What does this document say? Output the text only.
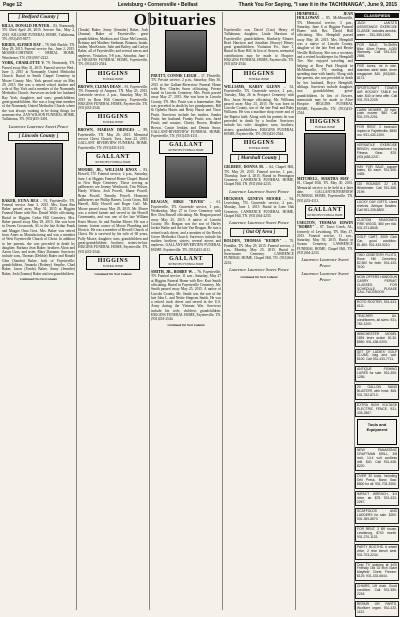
Page 12	Lewisburg • Cornersville • Belfast	Thank You For Saying, "I saw it in the TACHINANGA", June 9, 2015
Obituaries
[ Bedford County ]

BILLS, DONALD HUNTER – 83, Normandy, TN. Died April 28, 2015. Service Sat., May 2, 2015. KILGORE FUNERAL HOME, Tullahoma, TN. (931)455-8677.

BIERIS, ALFRED RAY – 78, Bell Buckle, TN. May 29, 2015. Funeral service Sat., June 2, 2015. MOORE-CORTNER - NERIAL HOME, Winchester, TN. (931)967-2222.

YORK, CHARLOTTE V. 79, Normandy, TN. Passed away May 31, 2015. Funeral service Wed., June 3, 2015 at Normandy United Methodist Church. Burial in Smith Chapel Cemetery in Moore County. Mrs. York passed away on May 29, 2015. She was a retired school teacher and wife of Ray York and a member of the Normandy Methodist Church. Survivors include her husband Ray York; daughters and sons; grandchildren; great-grandchildren. She was a long-time member of the Normandy United Methodist Church where she was always wanting to be doing things for someone else. ZAN WILSON FUNERAL HOME, Tullahoma, TN. (931)455-3401.

Laurence Laurence Sweet Peace
[ Lincoln County ]

BAKER, EUNA REA – 91, Fayetteville, TN. Funeral service June 3, 2015. Mrs. Euna Rea Baker passed away May 31, 2015 at Higgins Funeral Home with Bro. Daniel Wolfe officiating. Burial in Higgins Cedar Hill Cemetery. Mrs. Baker passed away May 29, 2015. She was born in Owens Crossroads, AL to the late Arthur Frank and Maggie Oma Goss. Mrs. Baker was retired from Ames as Manufacturing and was a member of West Fayetteville Church of Christ. In addition to her parents, she was preceded in death by daughter, Barbara Jean Baker; brothers Alton and Aaron Goss; and sister, Mary Dunnam. Survivors include sons, Thomas (Debbie) Baker and Ronald Glen (Sandra) Baker, both of Fayetteville; grandchildren, Amanda (Rodney) Smythe, Chad Baker, Jason (Tonda) Baker, Jenny (Jennifer) Baker, Josh (Joanna) Baker and ten grandchildren.

Continued On Next Column

(Tonda) Baker, Jenny (Jennifer) Baker, Josh (Joanna) Baker of Fayetteville; great grandchildren, Madison and Chase McCormick, Brittany and Matthew Stedman, Brianna, Isaiah, Jaiden, MacKenzie, Julie and Bailey, and Carlyn Baker, all of Fayetteville; and several nieces and nephews. Visitation, 5-8 p.m., Saturday, June 1 at HIGGINS FUNERAL HOME, Fayetteville, TN. (931)433-2544.

HIGGINS
FUNERAL HOME

BROWN, CLEMA DEAN – 81, Fayetteville, TN. Formerly of Ampora, TN. May 25, 2015. Graveside service, 2 p.m., Saturday, May 30, 2015 in Rose Hill Cemetery, Fayetteville. HIGGINS FUNERAL HOME, Fayetteville, TN. (931)433-2544.

HIGGINS
FUNERAL HOME

BROWN, MARIAN DRINGES – 89, Fayetteville, TN. May 26, 2015. Memorial service Christ Church, Tues., June 23, 2015. GALLANT RIVERVIEW FUNERAL HOME, Fayetteville, TN. (931)433-4111.

GALLANT
RIVERVIEW FUNERAL HOME

MOORE, JR., WILLIAM KNOX – 83, Howell, TN. Funeral service, 2 p.m., Saturday, June 1 at Higgins Funeral Home Chapel. Burial in New Hope Cemetery. Those serving as pallbearers are Jeremy Westbrook, Tim Wilson, Hardy Wilson, Josh Powell, Shane Powell, Brian Powell, Timothy Powell. Honorary pallbearers are Phillip Barnes, Louis Gross, Bill Harrell, Billy Howell and Roger Cuff. Mr. Moore passed away May 29, 2015. Mr. Moore was a retired farmer and served in the Howell Community, and was one of the late William Knox Moore, Sr. and Pauline Moore. He was a farmer, former owner of Moore Plumbing and Electric. He was a member of Howell Church of Christ. He is survived by his wife of 60 years, Polly Moore, daughter; sons; grandchildren and great-grandchildren; brothers; sisters-in-law. HIGGINS FUNERAL HOME, Fayetteville, TN. (931)433-2544.

HIGGINS
FUNERAL HOME
Continued On Next Column

PRUITT, CONNIE LEIGH – 37, Flintville, TN. Private service, 2 p.m., Saturday, May 30, 2015 at the Gallant-Riverview Funeral Home with Rev. Charles Snow officiating. Private burial in Lincoln Cemetery. Mrs. Pruitt passed away May 27, 2015. She was born in Lincoln County, TN. Mrs. Pruitt was a homemaker. She was preceded in death by her grandparents, Bill & Ophelia Harris and Betty Harris and Vince Pruitt. Survivors include her mother, Sandra Pruitt; her husband, Franky Pruitt; son, Jared Pruitt; and cousins, Christy Brown, Heather Brown, Cassie Jenkins and Dennis Snow. GALLANT-RIVERVIEW FUNERAL HOME, Fayetteville, TN. (931)433-4111.

GALLANT
RIVERVIEW FUNERAL HOME

REAGAN, MIKE "RIVER" – 61, Fayetteville, TN. Graveside service, 1 p.m., Wednesday, May 27 in Cove Cemetery with Rev. Don Russell officiating. Mr. Reagan passed away May 25, 2015. A native of Lincoln County. Mr. Reagan was the son of Harley Jackie Hailie and the late Van Reagan. He was a retired truck driver, and a member of the Beech Grove Methodist Church. Survivors include his mother; brothers; sisters; several nieces and nephews. GALLANT-RIVERVIEW FUNERAL HOME, Fayetteville, TN. (931)433-4111.

GALLANT
RIVERVIEW FUNERAL HOME

SMITH, JR., BOBBY W. – 76, Fayetteville, TN. Funeral service, 11 a.m., Saturday, May 27 at Higgins Funeral Home with Rev. Kurt Smith officiating. Burial in Fayetteville Cemetery. Mr. Smith passed away May 25, 2015. A native of Lincoln County, Mr. Smith was the son of the late John L. and Nettie Simpson Smith. He was a retired truck driver and served in the U.S. Army during the Vietnam War. Survivors include his wife; children; grandchildren. HIGGINS FUNERAL HOME, Fayetteville, TN. (931)433-2544.

Continued On Next Column

Fayetteville son, David (Lisa) Henry of Tullahoma; daughter, Linda Harrison of Fayetteville; grandchildren, Kimberly Elmore, Brad Harrison and Jonathan (Stacey) Henry; great grandchildren. Visitation Fri., June 1. Burial in Rose Hill. In lieu of flowers, memorial contributions may be made to Hospice. HIGGINS FUNERAL HOME, Fayetteville, TN. (931)433-2544.

HIGGINS
FUNERAL HOME

WILLIAMS, KAREY GLENN – 54, Fayetteville, TN. Graveside service, 2 p.m., Tuesday, May 26 in Prospect Cemetery with Bro. Jason Stroupe officiating. Mr. Williams passed away May 23, 2015. He was born in Lincoln County, son of the late Paul and Ruby Williams. He was a machine shop owner and of the Baptist faith. Along with his parents he was preceded in death by a brother. Survivors include his wife; daughter; sons; brothers; sisters; grandchildren. HIGGINS FUNERAL HOME, Fayetteville, TN. (931)433-2544.

HIGGINS
FUNERAL HOME
[ Marshall County ]

GILBERT, DONNA M. – 64, Chapel Hill, TN. May 29, 2015. Funeral service, 1 p.m., Thursday, June 4, 2015. Burial in Pennington Cemetery. LAWRENCE FUNERAL HOME, Chapel Hill, TN. (931)364-2233.

Laurence Laurence Sweet Peace

HICKMAN, GENEVA MOORE – 94, Lewisburg, TN. Graveside service, 2 p.m., Monday, June 1, 2015. Burial in Lone Oak Cemetery. LAWRENCE FUNERAL HOME, Chapel Hill, TN. (931)364-2233.

Laurence Laurence Sweet Peace
[ Out Of Area ]

BOLDEN, THOMAS "BUDDY" – 70, Franklin, TN. May 29, 2015. Funeral service, 2 p.m., Monday, May 25, 2015. Burial in Sweetwater Cemetery. LAWRENCE FUNERAL HOME, Chapel Hill, TN. (931)364-2233.

Laurence Laurence Sweet Peace
Continued On Next Column

HEMPHILL, JEAN HOLLOWAY – 85, McMinnville, TN. Memorial service, 3 p.m., Saturday, June 6 at Higgins Funeral Home with Bro. David Hall officiating. Mrs. Hemphill passed away May 28, 2015. Mrs. Hemphill was a native of Lincoln County, daughter of the late Fred and Bessie Neville Holloway. She was a secretary and a retired bookkeeper for Hemphill Tire. She enjoyed traveling and helping at Rose Park Hospital in McMinnville, TN, reading, and spending time with family. Along with her parents, she was preceded in death by her husband, Bryce Hemphill; siblings. Survivors include daughter; son; grandchildren; great-grandchildren. In lieu of flowers, memorials may be made to Alive Hospice. HIGGINS FUNERAL HOME, Fayetteville, TN. (931)433-2544.

HIGGINS
FUNERAL HOME

MITCHELL, MARTHA MAY – 81, Chapel Hill, TN. May 30, 2015. Memorial service to be held at a later date. GALLANT-RIVERVIEW FUNERAL HOME, Fayetteville, TN. (931)433-4111.

GALLANT
RIVERVIEW FUNERAL HOME

USELTON, THOMAS EDWIN "BOBBY" – 87, Tasso Creek, AL, formerly of Lewisburg, TN. May 27, 2015. Funeral service, 11 a.m., Saturday, May 30, 2015. Burial in Swann Cemetery. LAWRENCE FUNERAL HOME, Chapel Hill, TN. (931)364-2233.

Laurence Laurence Sweet Peace
Laurence Laurence Sweet Peace
CLASSIFIEDS
JACK LANTZ'S ASSISTANCE EXERCISE CLASSE, includes aerobic, water ... 931-359-1500.
FOR SALE, Tri-Shift's Bike, 40cm Frame, 4,000 Warranty. Call 931-224-2556.
FIVE bores, mi in size, stainless steel table, three megapixel. $40. (931)581-8174.
SPORTCRAFT TOWER AIR HOCKEY TABLE for sale. $40 or best offer. Call 931-703-2209.
LAWN MOWER, 20 inch, push mower. $60. Call 931-379-2251.
FOR RENT, 2 bedroom duplex in Fayetteville. $550 mo. 931-433-1200.
VERSATILE EXERCISE BENCH, manufactured by Fitness Gear. $75. (931)438-2247.
HAY FOR SALE, square bales, $4 each. 931-359-4455.
110 ROUNDS 22 LR, Winchester. Call 931-368-2199.
LUCKY DAY GIFTS. Used shelves. Antique Dealers. Call 931-205-8800.
CUSTOM SEASONED FIRE WOOD, $60 per rick. 931-571-8845.
GOLF CART, 2009 Club Car, good condition. $1,800. 931-433-9210.
TWO CEMETERY PLOTS, Rose Hill Cemetery. $2,500 for both. 931-433-3100.
NOW OFFERS HANDGUN CARRY PERMIT CLASSES. FOR SCHEDULE. PLEASE CALL FACEBOOK.
ROTO ROOTER, 931-433-6111.
TEACHER Air-conditioners, all sizes. 931-762-1200.
WINCHESTER MODEL 1894 lever action 30-30. $550. 931-438-0200.
SET OF LADIES' GOLF CLUBS, bag and cart. $100. Call 931-433-7711.
ANTIQUE FISHING LURES for sale. 931-359-1255.
20 GALLON SAND BLASTER, with hose. $45. 931-762-8713.
EXTRA HIGH VOLTAGE ELECTRIC FENCE, 931-433-2567.
Tools and Equipment
NEW PANASONIC CRAFTMAN DRILL, 3/8 inch, 14.4 volt cordless drill. $40. Call 931-438-8220.
OVER 30 tools, including Drill Press, Band Saw. $800 for all. 931-703-3350.
IMPACT WRENCH, 3/4 drive, air. $75. 931-433-2267.
SCAFFOLDS AND LADDERS for sale. $200. 931-359-8870.
FOR RENT, 3 BR house, Lewisburg. $700 month. 931-270-1133.
PARTY BOOTHS. 6 wheel drive, 2 rear bench seat. 931-703-2244.
Only TV working at 6:00 Friendly Old 32 inch Giant Mayfield Chest Freezer. $125. 931-433-6644.
CHAIRS, Lift chair. Good condition. Call 931-359-2218.
REPAIR OR PARTS, Wurlitzer organ. 931-433-1122.
